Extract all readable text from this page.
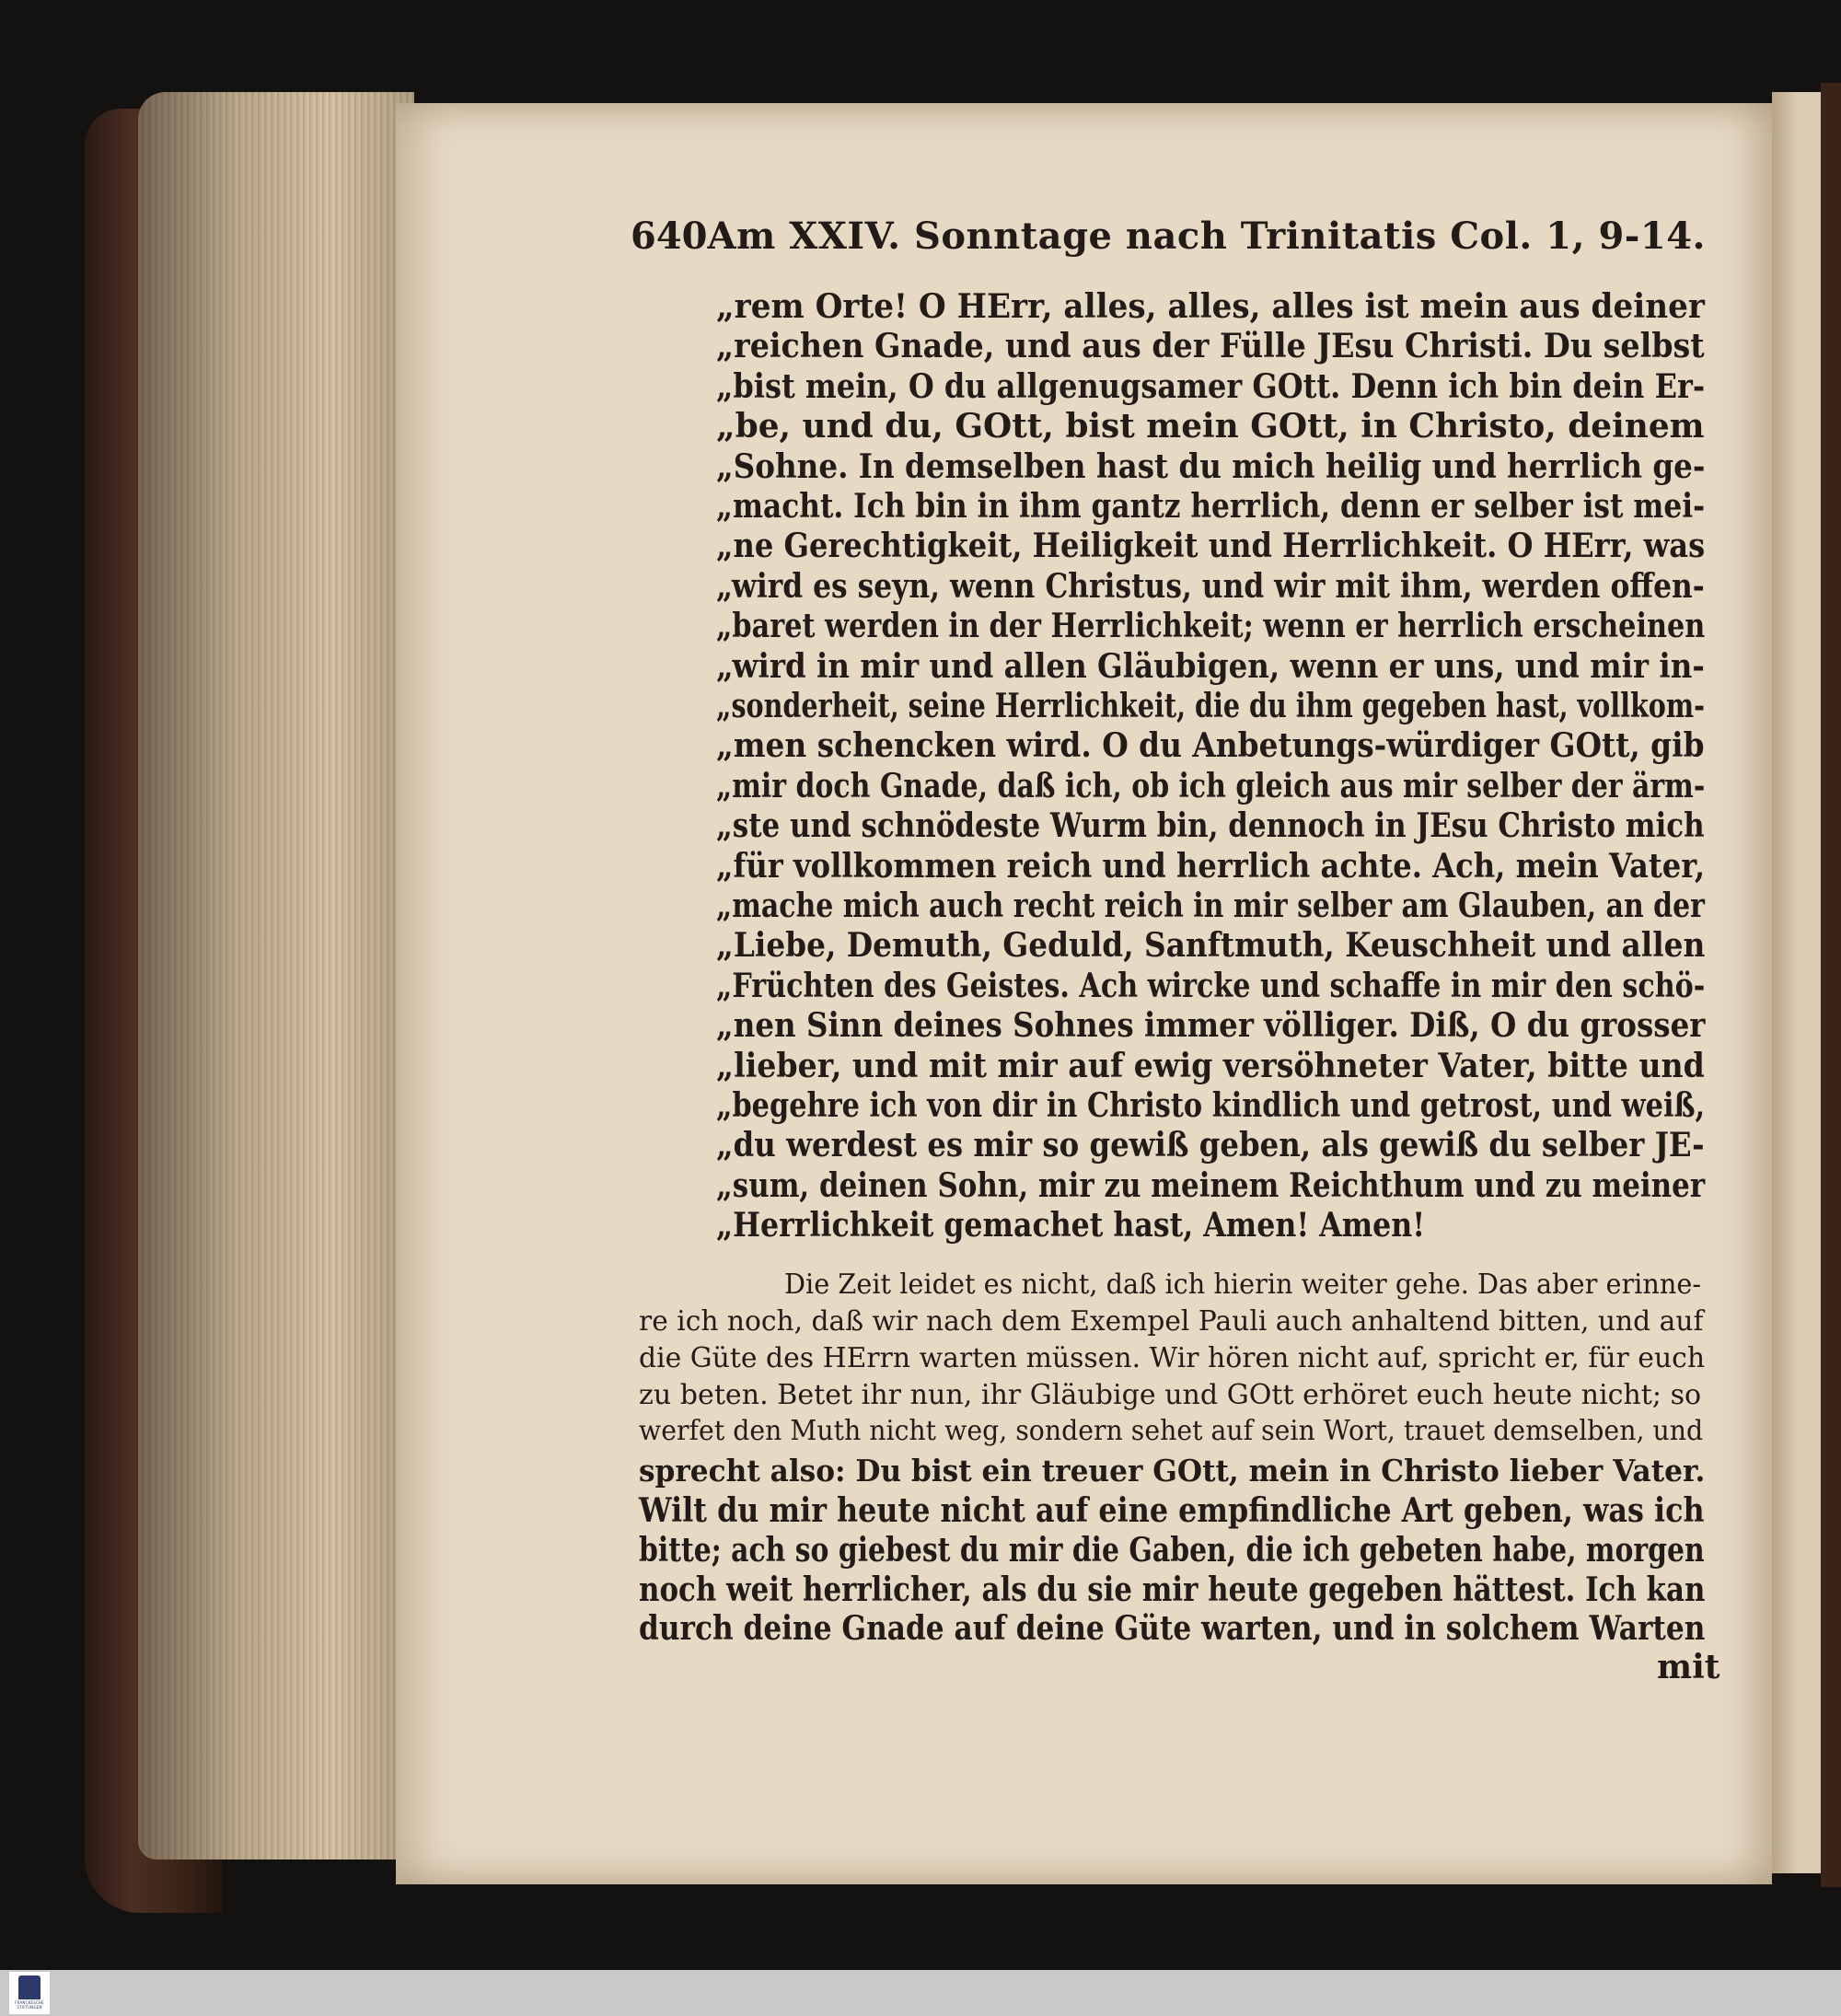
640 Am XXIV. Sonntage nach Trinitatis Col. 1, 9-14.
„rem Orte! O HErr, alles, alles, alles ist mein aus deiner
„reichen Gnade, und aus der Fülle JEsu Christi. Du selbst
„bist mein, O du allgenugsamer GOtt. Denn ich bin dein Er-
„be, und du, GOtt, bist mein GOtt, in Christo, deinem
„Sohne. In demselben hast du mich heilig und herrlich ge-
„macht. Ich bin in ihm gantz herrlich, denn er selber ist mei-
„ne Gerechtigkeit, Heiligkeit und Herrlichkeit. O HErr, was
„wird es seyn, wenn Christus, und wir mit ihm, werden offen-
„baret werden in der Herrlichkeit; wenn er herrlich erscheinen
„wird in mir und allen Gläubigen, wenn er uns, und mir in-
„sonderheit, seine Herrlichkeit, die du ihm gegeben hast, vollkom-
„men schencken wird. O du Anbetungs-würdiger GOtt, gib
„mir doch Gnade, daß ich, ob ich gleich aus mir selber der ärm-
„ste und schnödeste Wurm bin, dennoch in JEsu Christo mich
„für vollkommen reich und herrlich achte. Ach, mein Vater,
„mache mich auch recht reich in mir selber am Glauben, an der
„Liebe, Demuth, Geduld, Sanftmuth, Keuschheit und allen
„Früchten des Geistes. Ach wircke und schaffe in mir den schö-
„nen Sinn deines Sohnes immer völliger. Diß, O du grosser
„lieber, und mit mir auf ewig versöhneter Vater, bitte und
„begehre ich von dir in Christo kindlich und getrost, und weiß,
„du werdest es mir so gewiß geben, als gewiß du selber JE-
„sum, deinen Sohn, mir zu meinem Reichthum und zu meiner
„Herrlichkeit gemachet hast, Amen! Amen!
Die Zeit leidet es nicht, daß ich hierin weiter gehe. Das aber erinne-
re ich noch, daß wir nach dem Exempel Pauli auch anhaltend bitten, und auf
die Güte des HErrn warten müssen. Wir hören nicht auf, spricht er, für euch
zu beten. Betet ihr nun, ihr Gläubige und GOtt erhöret euch heute nicht; so
werfet den Muth nicht weg, sondern sehet auf sein Wort, trauet demselben, und
sprecht also: Du bist ein treuer GOtt, mein in Christo lieber Vater.
Wilt du mir heute nicht auf eine empfindliche Art geben, was ich
bitte; ach so giebest du mir die Gaben, die ich gebeten habe, morgen
noch weit herrlicher, als du sie mir heute gegeben hättest. Ich kan
durch deine Gnade auf deine Güte warten, und in solchem Warten
mit
FRANCKESCHE STIFTUNGEN
